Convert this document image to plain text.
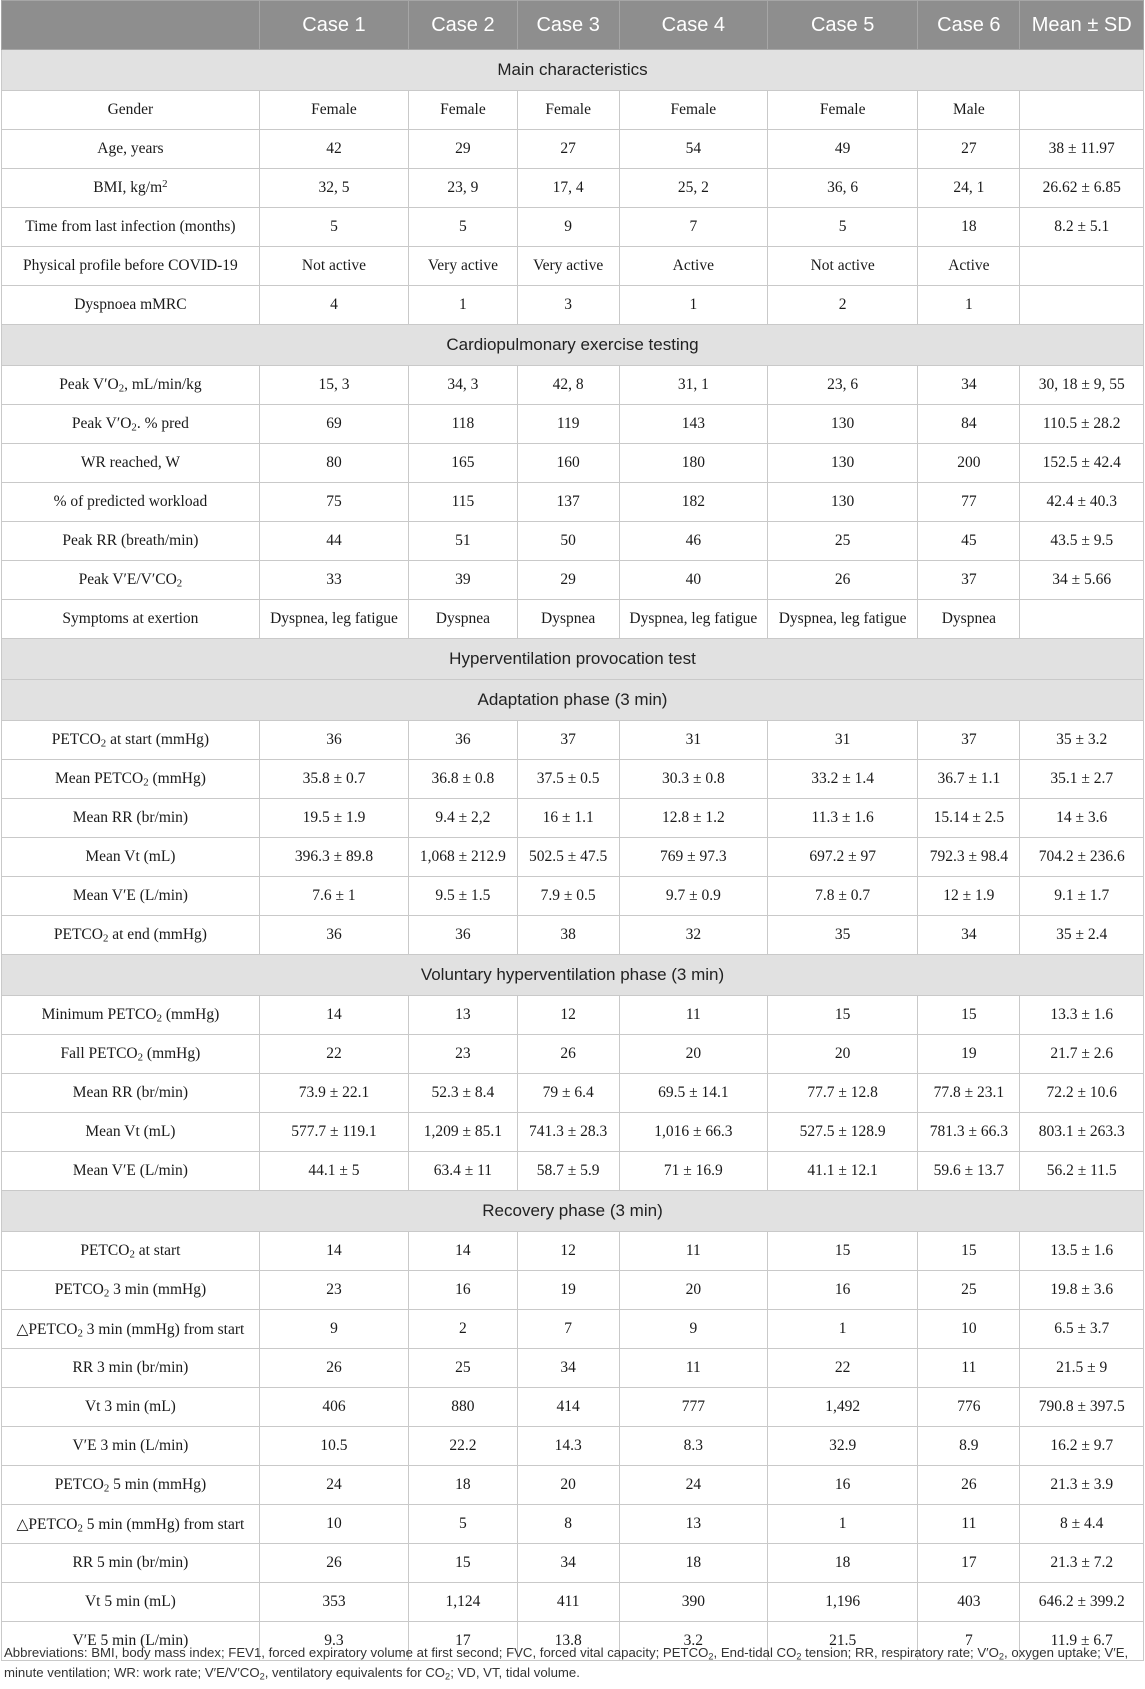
	Case 1	Case 2	Case 3	Case 4	Case 5	Case 6	Mean ± SD
Main characteristics							
Gender	Female	Female	Female	Female	Female	Male	
Age, years	42	29	27	54	49	27	38 ± 11.97
BMI, $kg/m^2$	32, 5	23, 9	17, 4	25, 2	36, 6	24, 1	26.62 ± 6.85
Time from last infection (months)	5	5	9	7	5	18	8.2 ± 5.1
Physical profile before COVID-19	Not active	Very active	Very active	Active	Not active	Active	
Dyspnoea mMRC	4	1	3	1	2	1	
Cardiopulmonary exercise testing							
Peak $V'O_2$, mL/min/kg	15, 3	34, 3	42, 8	31, 1	23, 6	34	30, 18 ± 9, 55
Peak $V'O_2$. % pred	69	118	119	143	130	84	110.5 ± 28.2
WR reached, W	80	165	160	180	130	200	152.5 ± 42.4
% of predicted workload	75	115	137	182	130	77	42.4 ± 40.3
Peak RR (breath/min)	44	51	50	46	25	45	43.5 ± 9.5
Peak $V'E/V'CO_2$	33	39	29	40	26	37	34 ± 5.66
Symptoms at exertion	Dyspnea, leg fatigue	Dyspnea	Dyspnea	Dyspnea, leg fatigue	Dyspnea, leg fatigue	Dyspnea	
Hyperventilation provocation test							
Adaptation phase (3 min)							
$PETCO_2$ at start (mmHg)	36	36	37	31	31	37	35 ± 3.2
Mean $PETCO_2$ (mmHg)	35.8 ± 0.7	36.8 ± 0.8	37.5 ± 0.5	30.3 ± 0.8	33.2 ± 1.4	36.7 ± 1.1	35.1 ± 2.7
Mean RR (br/min)	19.5 ± 1.9	9.4 ± 2,2	16 ± 1.1	12.8 ± 1.2	11.3 ± 1.6	15.14 ± 2.5	14 ± 3.6
Mean Vt (mL)	396.3 ± 89.8	1,068 ± 212.9	502.5 ± 47.5	769 ± 97.3	697.2 ± 97	792.3 ± 98.4	704.2 ± 236.6
Mean V′E (L/min)	7.6 ± 1	9.5 ± 1.5	7.9 ± 0.5	9.7 ± 0.9	7.8 ± 0.7	12 ± 1.9	9.1 ± 1.7
$PETCO_2$ at end (mmHg)	36	36	38	32	35	34	35 ± 2.4
Voluntary hyperventilation phase (3 min)							
Minimum $PETCO_2$ (mmHg)	14	13	12	11	15	15	13.3 ± 1.6
Fall $PETCO_2$ (mmHg)	22	23	26	20	20	19	21.7 ± 2.6
Mean RR (br/min)	73.9 ± 22.1	52.3 ± 8.4	79 ± 6.4	69.5 ± 14.1	77.7 ± 12.8	77.8 ± 23.1	72.2 ± 10.6
Mean Vt (mL)	577.7 ± 119.1	1,209 ± 85.1	741.3 ± 28.3	1,016 ± 66.3	527.5 ± 128.9	781.3 ± 66.3	803.1 ± 263.3
Mean V′E (L/min)	44.1 ± 5	63.4 ± 11	58.7 ± 5.9	71 ± 16.9	41.1 ± 12.1	59.6 ± 13.7	56.2 ± 11.5
Recovery phase (3 min)							
$PETCO_2$ at start	14	14	12	11	15	15	13.5 ± 1.6
$PETCO_2$ 3 min (mmHg)	23	16	19	20	16	25	19.8 ± 3.6
$\triangle PETCO_2$ 3 min (mmHg) from start	9	2	7	9	1	10	6.5 ± 3.7
RR 3 min (br/min)	26	25	34	11	22	11	21.5 ± 9
Vt 3 min (mL)	406	880	414	777	1,492	776	790.8 ± 397.5
V′E 3 min (L/min)	10.5	22.2	14.3	8.3	32.9	8.9	16.2 ± 9.7
$PETCO_2$ 5 min (mmHg)	24	18	20	24	16	26	21.3 ± 3.9
$\triangle PETCO_2$ 5 min (mmHg) from start	10	5	8	13	1	11	8 ± 4.4
RR 5 min (br/min)	26	15	34	18	18	17	21.3 ± 7.2
Vt 5 min (mL)	353	1,124	411	390	1,196	403	646.2 ± 399.2
V′E 5 min (L/min)	9.3	17	13.8	3.2	21.5	7	11.9 ± 6.7
Abbreviations: BMI, body mass index; FEV1, forced expiratory volume at first second; FVC, forced vital capacity; $PETCO_2$, End-tidal $CO_2$ tension; RR, respiratory rate; $V'O_2$, oxygen uptake; V′E, minute ventilation; WR: work rate; $V'E/V'CO_2$, ventilatory equivalents for $CO_2$; VD, VT, tidal volume.
